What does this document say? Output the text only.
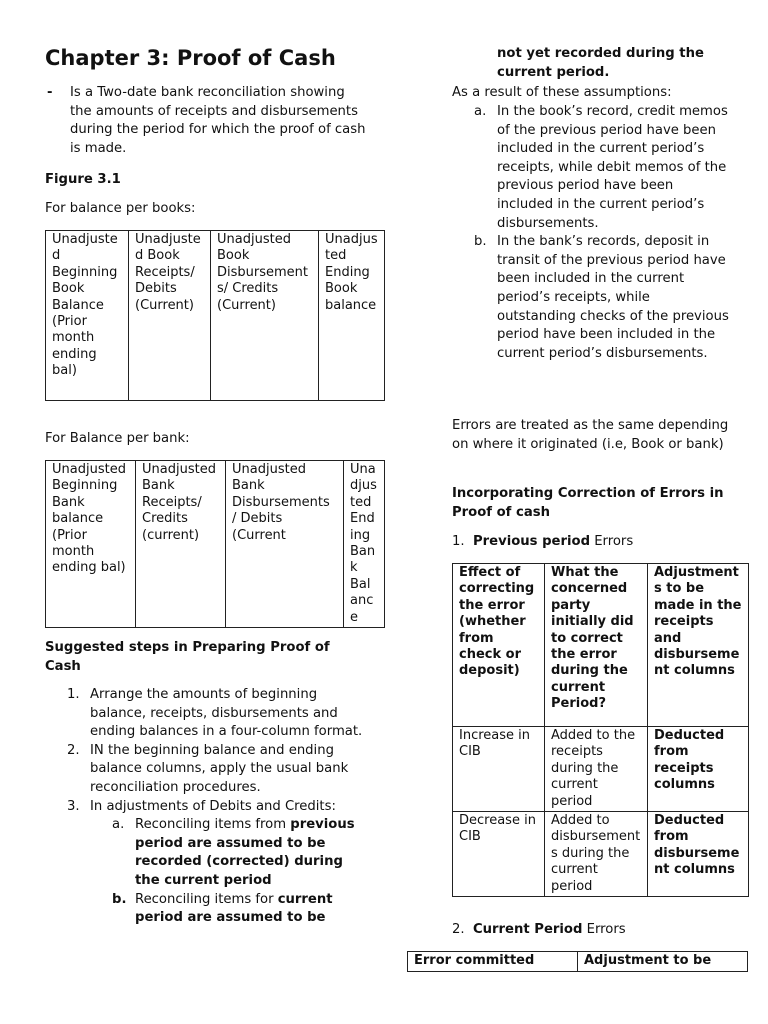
Chapter 3: Proof of Cash
- Is a Two-date bank reconciliation showing the amounts of receipts and disbursements during the period for which the proof of cash is made.
Figure 3.1
For balance per books:
Unadjusted Beginning Book Balance (Prior month ending bal)	Unadjusted Book Receipts/ Debits (Current)	Unadjusted Book Disbursements/ Credits (Current)	Unadjusted Ending Book balance
For Balance per bank:
Unadjusted Beginning Bank balance (Prior month ending bal)	Unadjusted Bank Receipts/ Credits (current)	Unadjusted Bank Disbursements / Debits (Current	Unadjusted Ending Bank Balance
Suggested steps in Preparing Proof of Cash
1. Arrange the amounts of beginning balance, receipts, disbursements and ending balances in a four-column format.
2. IN the beginning balance and ending balance columns, apply the usual bank reconciliation procedures.
3. In adjustments of Debits and Credits:
a. Reconciling items from previous period are assumed to be recorded (corrected) during the current period
b. Reconciling items for current period are assumed to be
not yet recorded during the current period.
As a result of these assumptions:
a. In the book’s record, credit memos of the previous period have been included in the current period’s receipts, while debit memos of the previous period have been included in the current period’s disbursements.
b. In the bank’s records, deposit in transit of the previous period have been included in the current period’s receipts, while outstanding checks of the previous period have been included in the current period’s disbursements.
Errors are treated as the same depending on where it originated (i.e, Book or bank)
Incorporating Correction of Errors in Proof of cash
1. Previous period Errors
Effect of correcting the error (whether from check or deposit)	What the concerned party initially did to correct the error during the current Period?	Adjustments to be made in the receipts and disbursement columns
Increase in CIB	Added to the receipts during the current period	Deducted from receipts columns
Decrease in CIB	Added to disbursements during the current period	Deducted from disbursement columns
2. Current Period Errors
Error committed	Adjustment to be
